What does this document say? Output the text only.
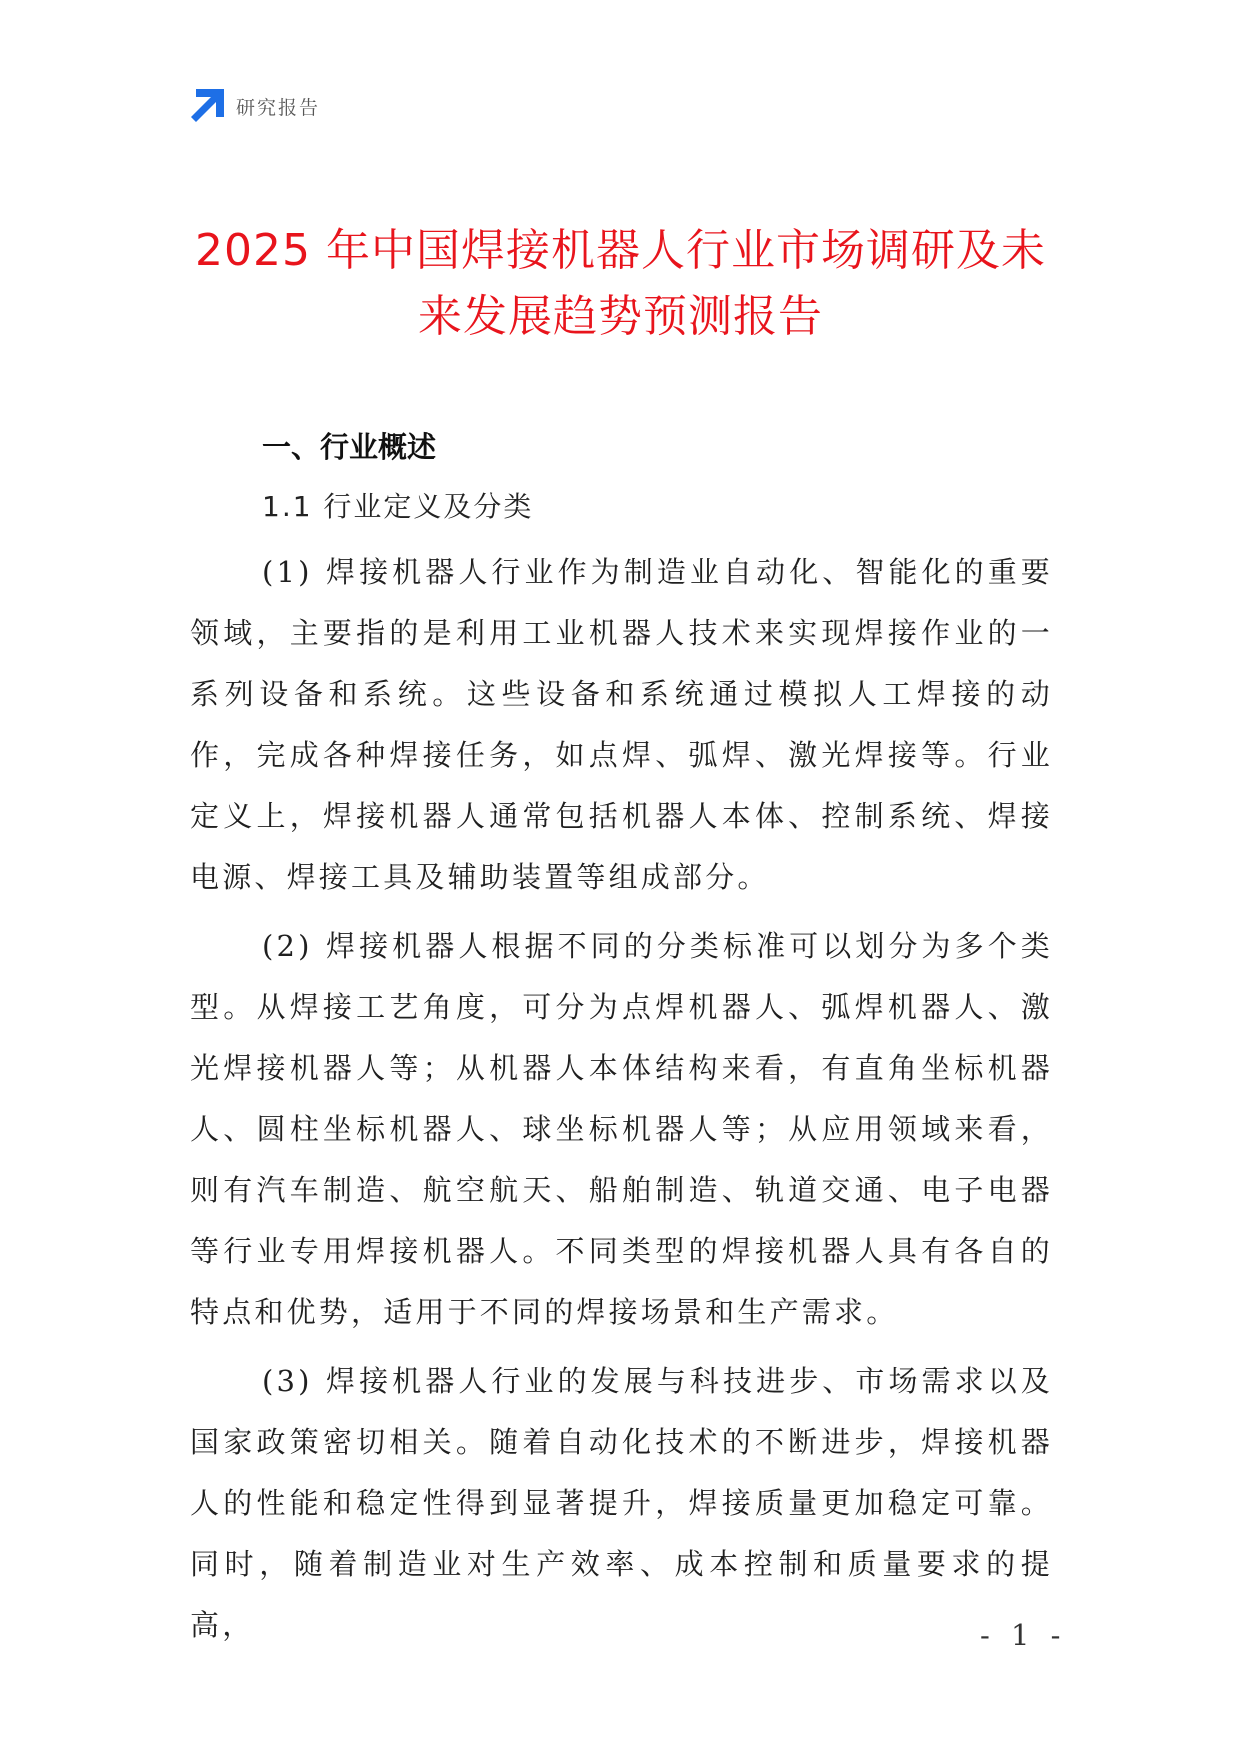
研究报告
2025 年中国焊接机器人行业市场调研及未
来发展趋势预测报告
一、行业概述
1.1 行业定义及分类

(1) 焊接机器人行业作为制造业自动化、智能化的重要领域，主要指的是利用工业机器人技术来实现焊接作业的一系列设备和系统。这些设备和系统通过模拟人工焊接的动作，完成各种焊接任务，如点焊、弧焊、激光焊接等。行业定义上，焊接机器人通常包括机器人本体、控制系统、焊接电源、焊接工具及辅助装置等组成部分。

(2) 焊接机器人根据不同的分类标准可以划分为多个类型。从焊接工艺角度，可分为点焊机器人、弧焊机器人、激光焊接机器人等；从机器人本体结构来看，有直角坐标机器人、圆柱坐标机器人、球坐标机器人等；从应用领域来看，则有汽车制造、航空航天、船舶制造、轨道交通、电子电器等行业专用焊接机器人。不同类型的焊接机器人具有各自的特点和优势，适用于不同的焊接场景和生产需求。

(3) 焊接机器人行业的发展与科技进步、市场需求以及国家政策密切相关。随着自动化技术的不断进步，焊接机器人的性能和稳定性得到显著提升，焊接质量更加稳定可靠。同时，随着制造业对生产效率、成本控制和质量要求的提高，	- 1 -
